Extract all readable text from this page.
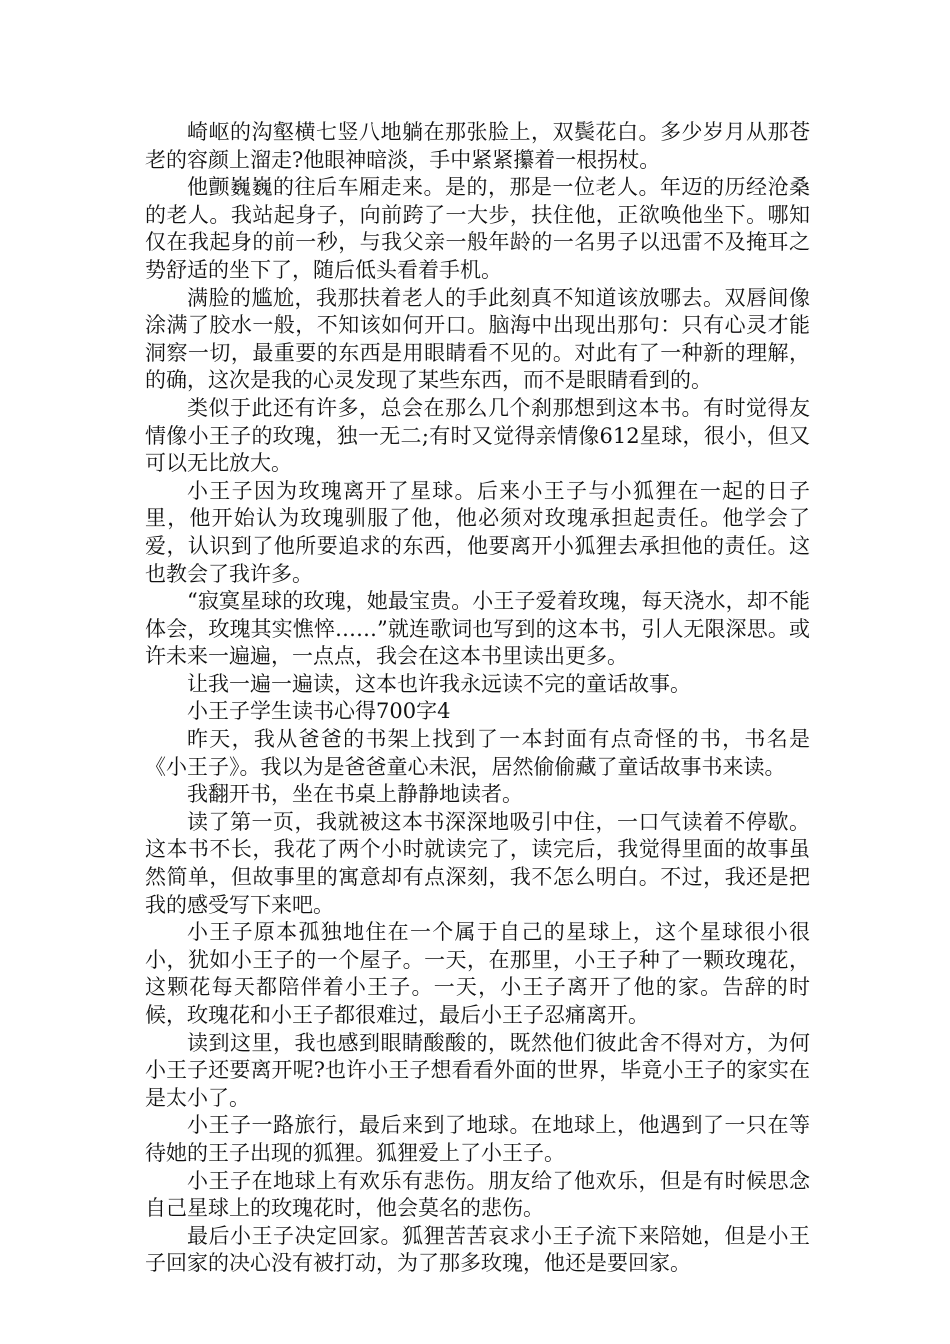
崎岖的沟壑横七竖八地躺在那张脸上，双鬓花白。多少岁月从那苍老的容颜上溜走?他眼神暗淡，手中紧紧攥着一根拐杖。

他颤巍巍的往后车厢走来。是的，那是一位老人。年迈的历经沧桑的老人。我站起身子，向前跨了一大步，扶住他，正欲唤他坐下。哪知仅在我起身的前一秒，与我父亲一般年龄的一名男子以迅雷不及掩耳之势舒适的坐下了，随后低头看着手机。

满脸的尴尬，我那扶着老人的手此刻真不知道该放哪去。双唇间像涂满了胶水一般，不知该如何开口。脑海中出现出那句：只有心灵才能洞察一切，最重要的东西是用眼睛看不见的。对此有了一种新的理解，的确，这次是我的心灵发现了某些东西，而不是眼睛看到的。

类似于此还有许多，总会在那么几个刹那想到这本书。有时觉得友情像小王子的玫瑰，独一无二;有时又觉得亲情像612星球，很小，但又可以无比放大。

小王子因为玫瑰离开了星球。后来小王子与小狐狸在一起的日子里，他开始认为玫瑰驯服了他，他必须对玫瑰承担起责任。他学会了爱，认识到了他所要追求的东西，他要离开小狐狸去承担他的责任。这也教会了我许多。

“寂寞星球的玫瑰，她最宝贵。小王子爱着玫瑰，每天浇水，却不能体会，玫瑰其实憔悴……”就连歌词也写到的这本书，引人无限深思。或许未来一遍遍，一点点，我会在这本书里读出更多。

让我一遍一遍读，这本也许我永远读不完的童话故事。

小王子学生读书心得700字4

昨天，我从爸爸的书架上找到了一本封面有点奇怪的书，书名是《小王子》。我以为是爸爸童心未泯，居然偷偷藏了童话故事书来读。

我翻开书，坐在书桌上静静地读者。

读了第一页，我就被这本书深深地吸引中住，一口气读着不停歇。这本书不长，我花了两个小时就读完了，读完后，我觉得里面的故事虽然简单，但故事里的寓意却有点深刻，我不怎么明白。不过，我还是把我的感受写下来吧。

小王子原本孤独地住在一个属于自己的星球上，这个星球很小很小，犹如小王子的一个屋子。一天，在那里，小王子种了一颗玫瑰花，这颗花每天都陪伴着小王子。一天，小王子离开了他的家。告辞的时候，玫瑰花和小王子都很难过，最后小王子忍痛离开。

读到这里，我也感到眼睛酸酸的，既然他们彼此舍不得对方，为何小王子还要离开呢?也许小王子想看看外面的世界，毕竟小王子的家实在是太小了。

小王子一路旅行，最后来到了地球。在地球上，他遇到了一只在等待她的王子出现的狐狸。狐狸爱上了小王子。

小王子在地球上有欢乐有悲伤。朋友给了他欢乐，但是有时候思念自己星球上的玫瑰花时，他会莫名的悲伤。

最后小王子决定回家。狐狸苦苦哀求小王子流下来陪她，但是小王子回家的决心没有被打动，为了那多玫瑰，他还是要回家。
